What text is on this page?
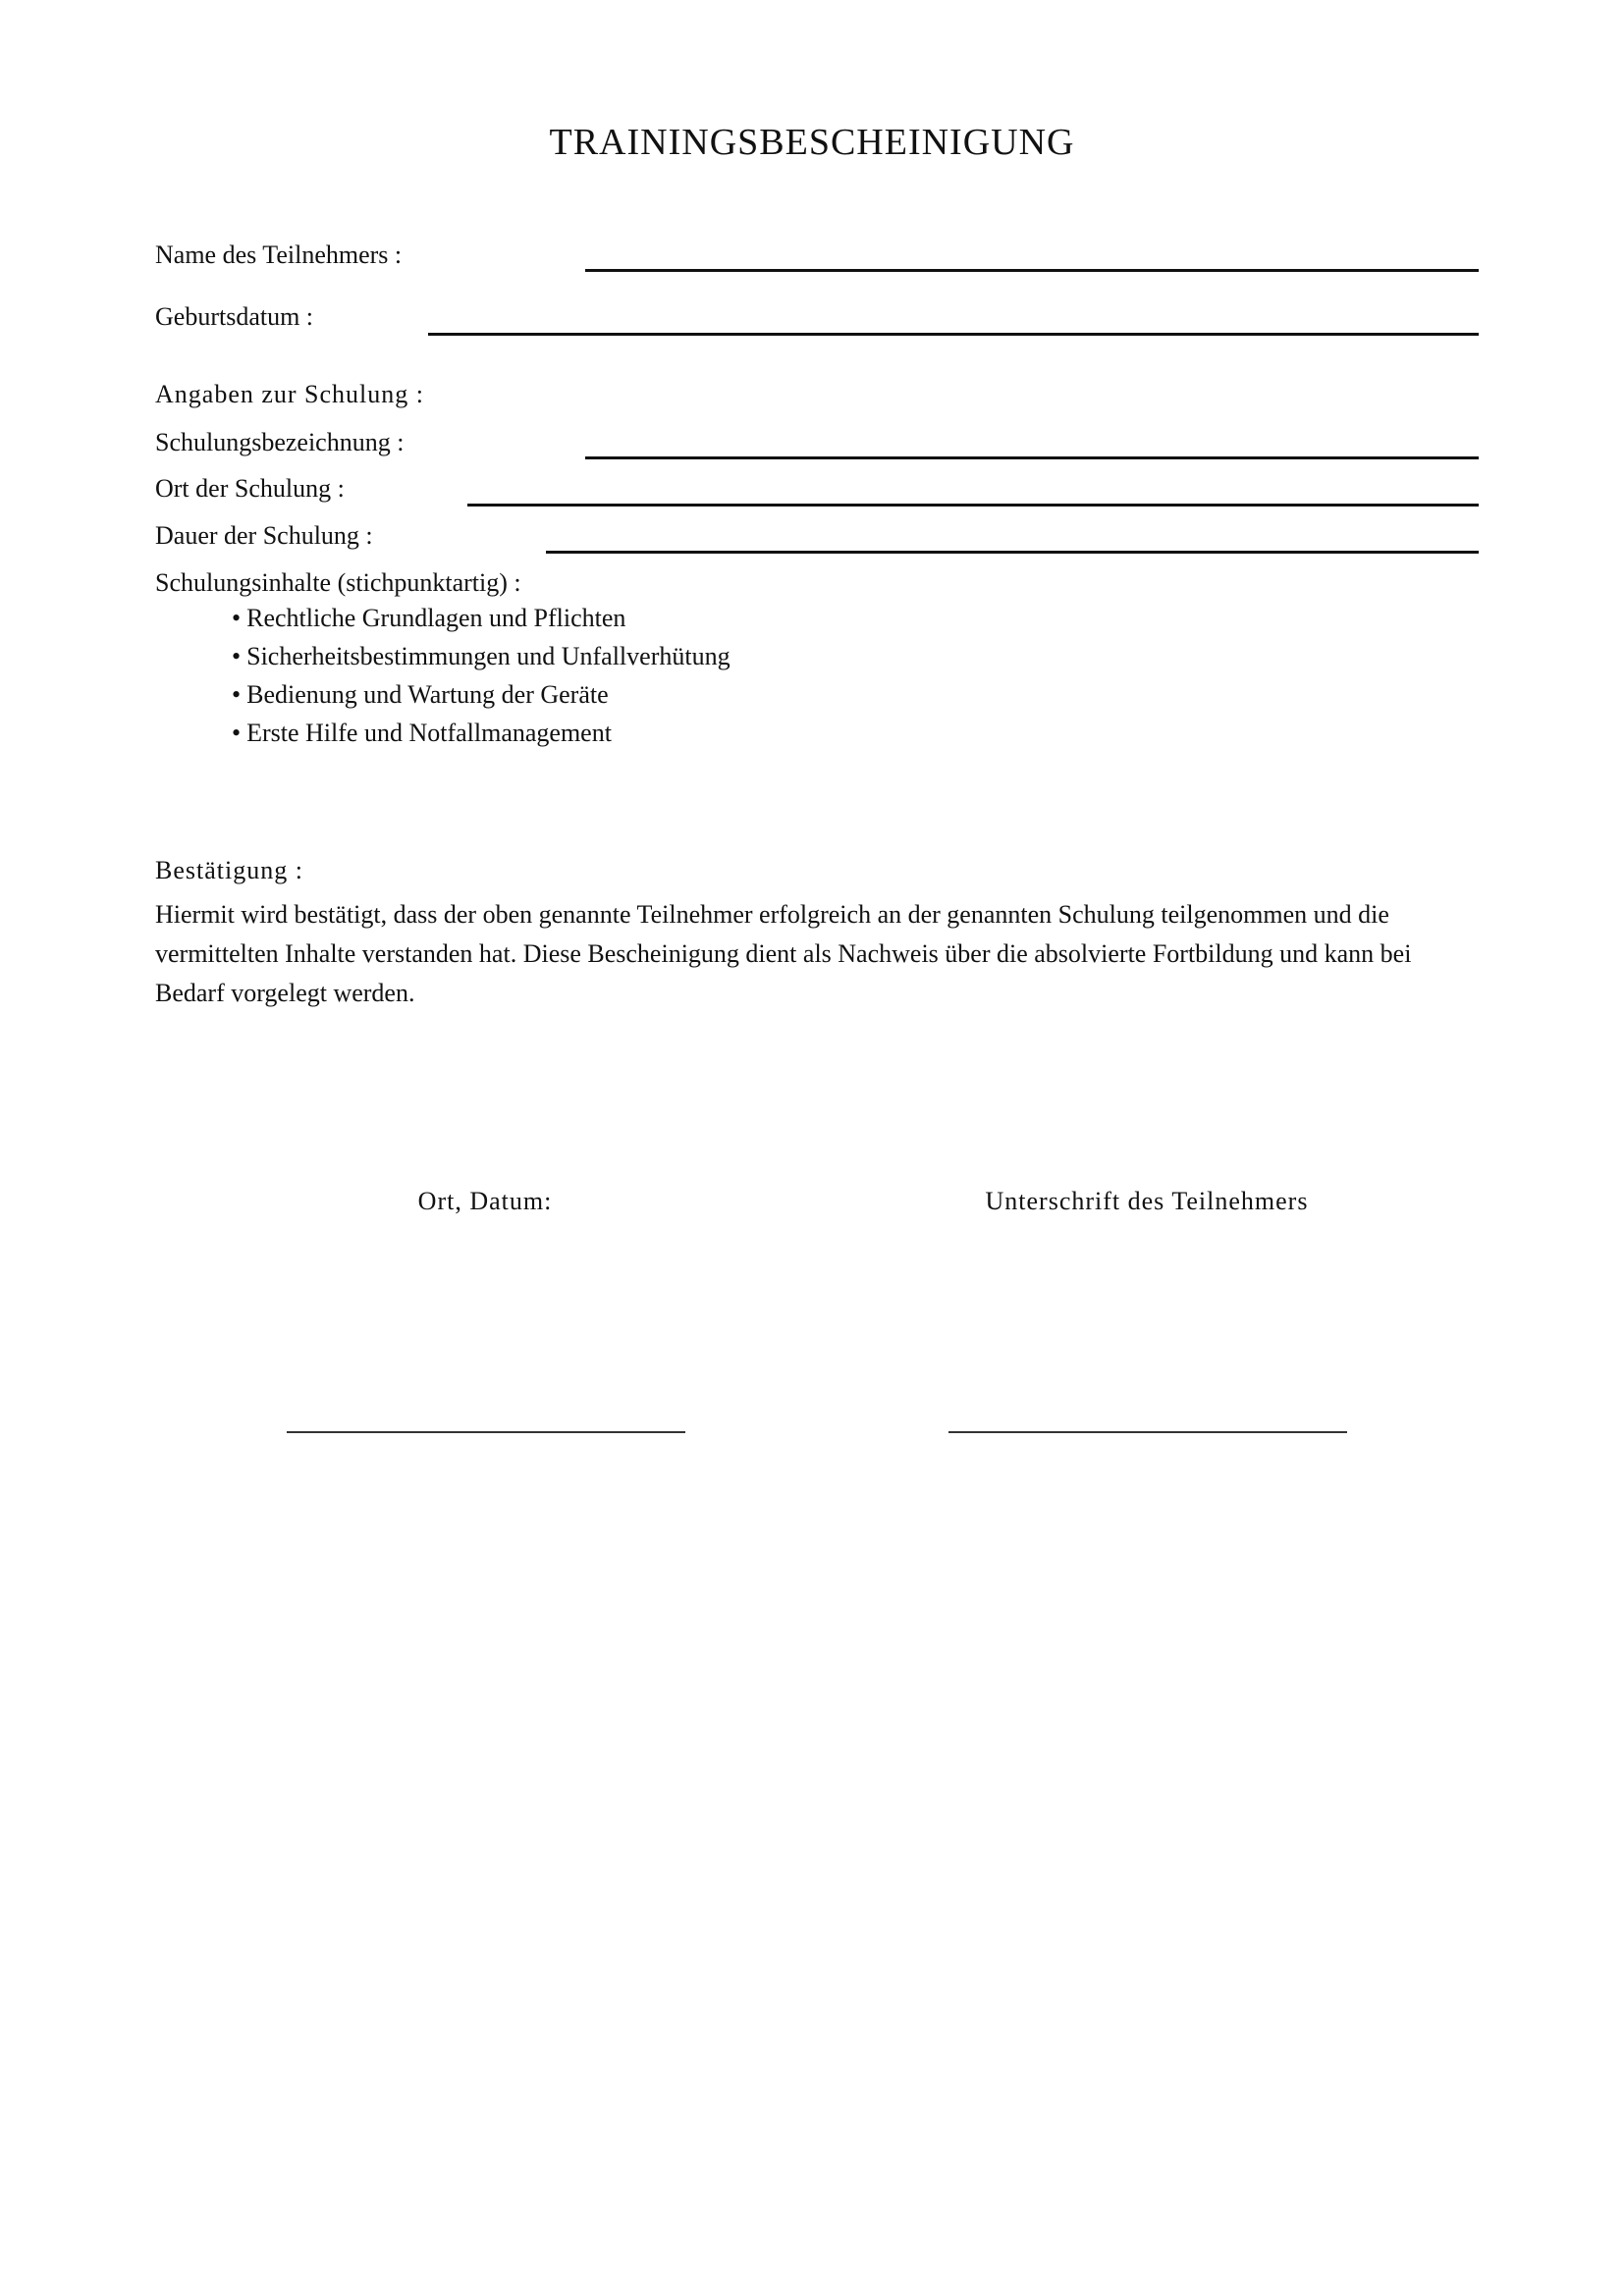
TRAININGSBESCHEINIGUNG
Name des Teilnehmers :
Geburtsdatum :
Angaben zur Schulung :
Schulungsbezeichnung :
Ort der Schulung :
Dauer der Schulung :
Schulungsinhalte (stichpunktartig) :
• Rechtliche Grundlagen und Pflichten
• Sicherheitsbestimmungen und Unfallverhütung
• Bedienung und Wartung der Geräte
• Erste Hilfe und Notfallmanagement
Bestätigung :

Hiermit wird bestätigt, dass der oben genannte Teilnehmer erfolgreich an der genannten Schulung teilgenommen und die vermittelten Inhalte verstanden hat. Diese Bescheinigung dient als Nachweis über die absolvierte Fortbildung und kann bei Bedarf vorgelegt werden.

Ort, Datum:	Unterschrift des Teilnehmers
